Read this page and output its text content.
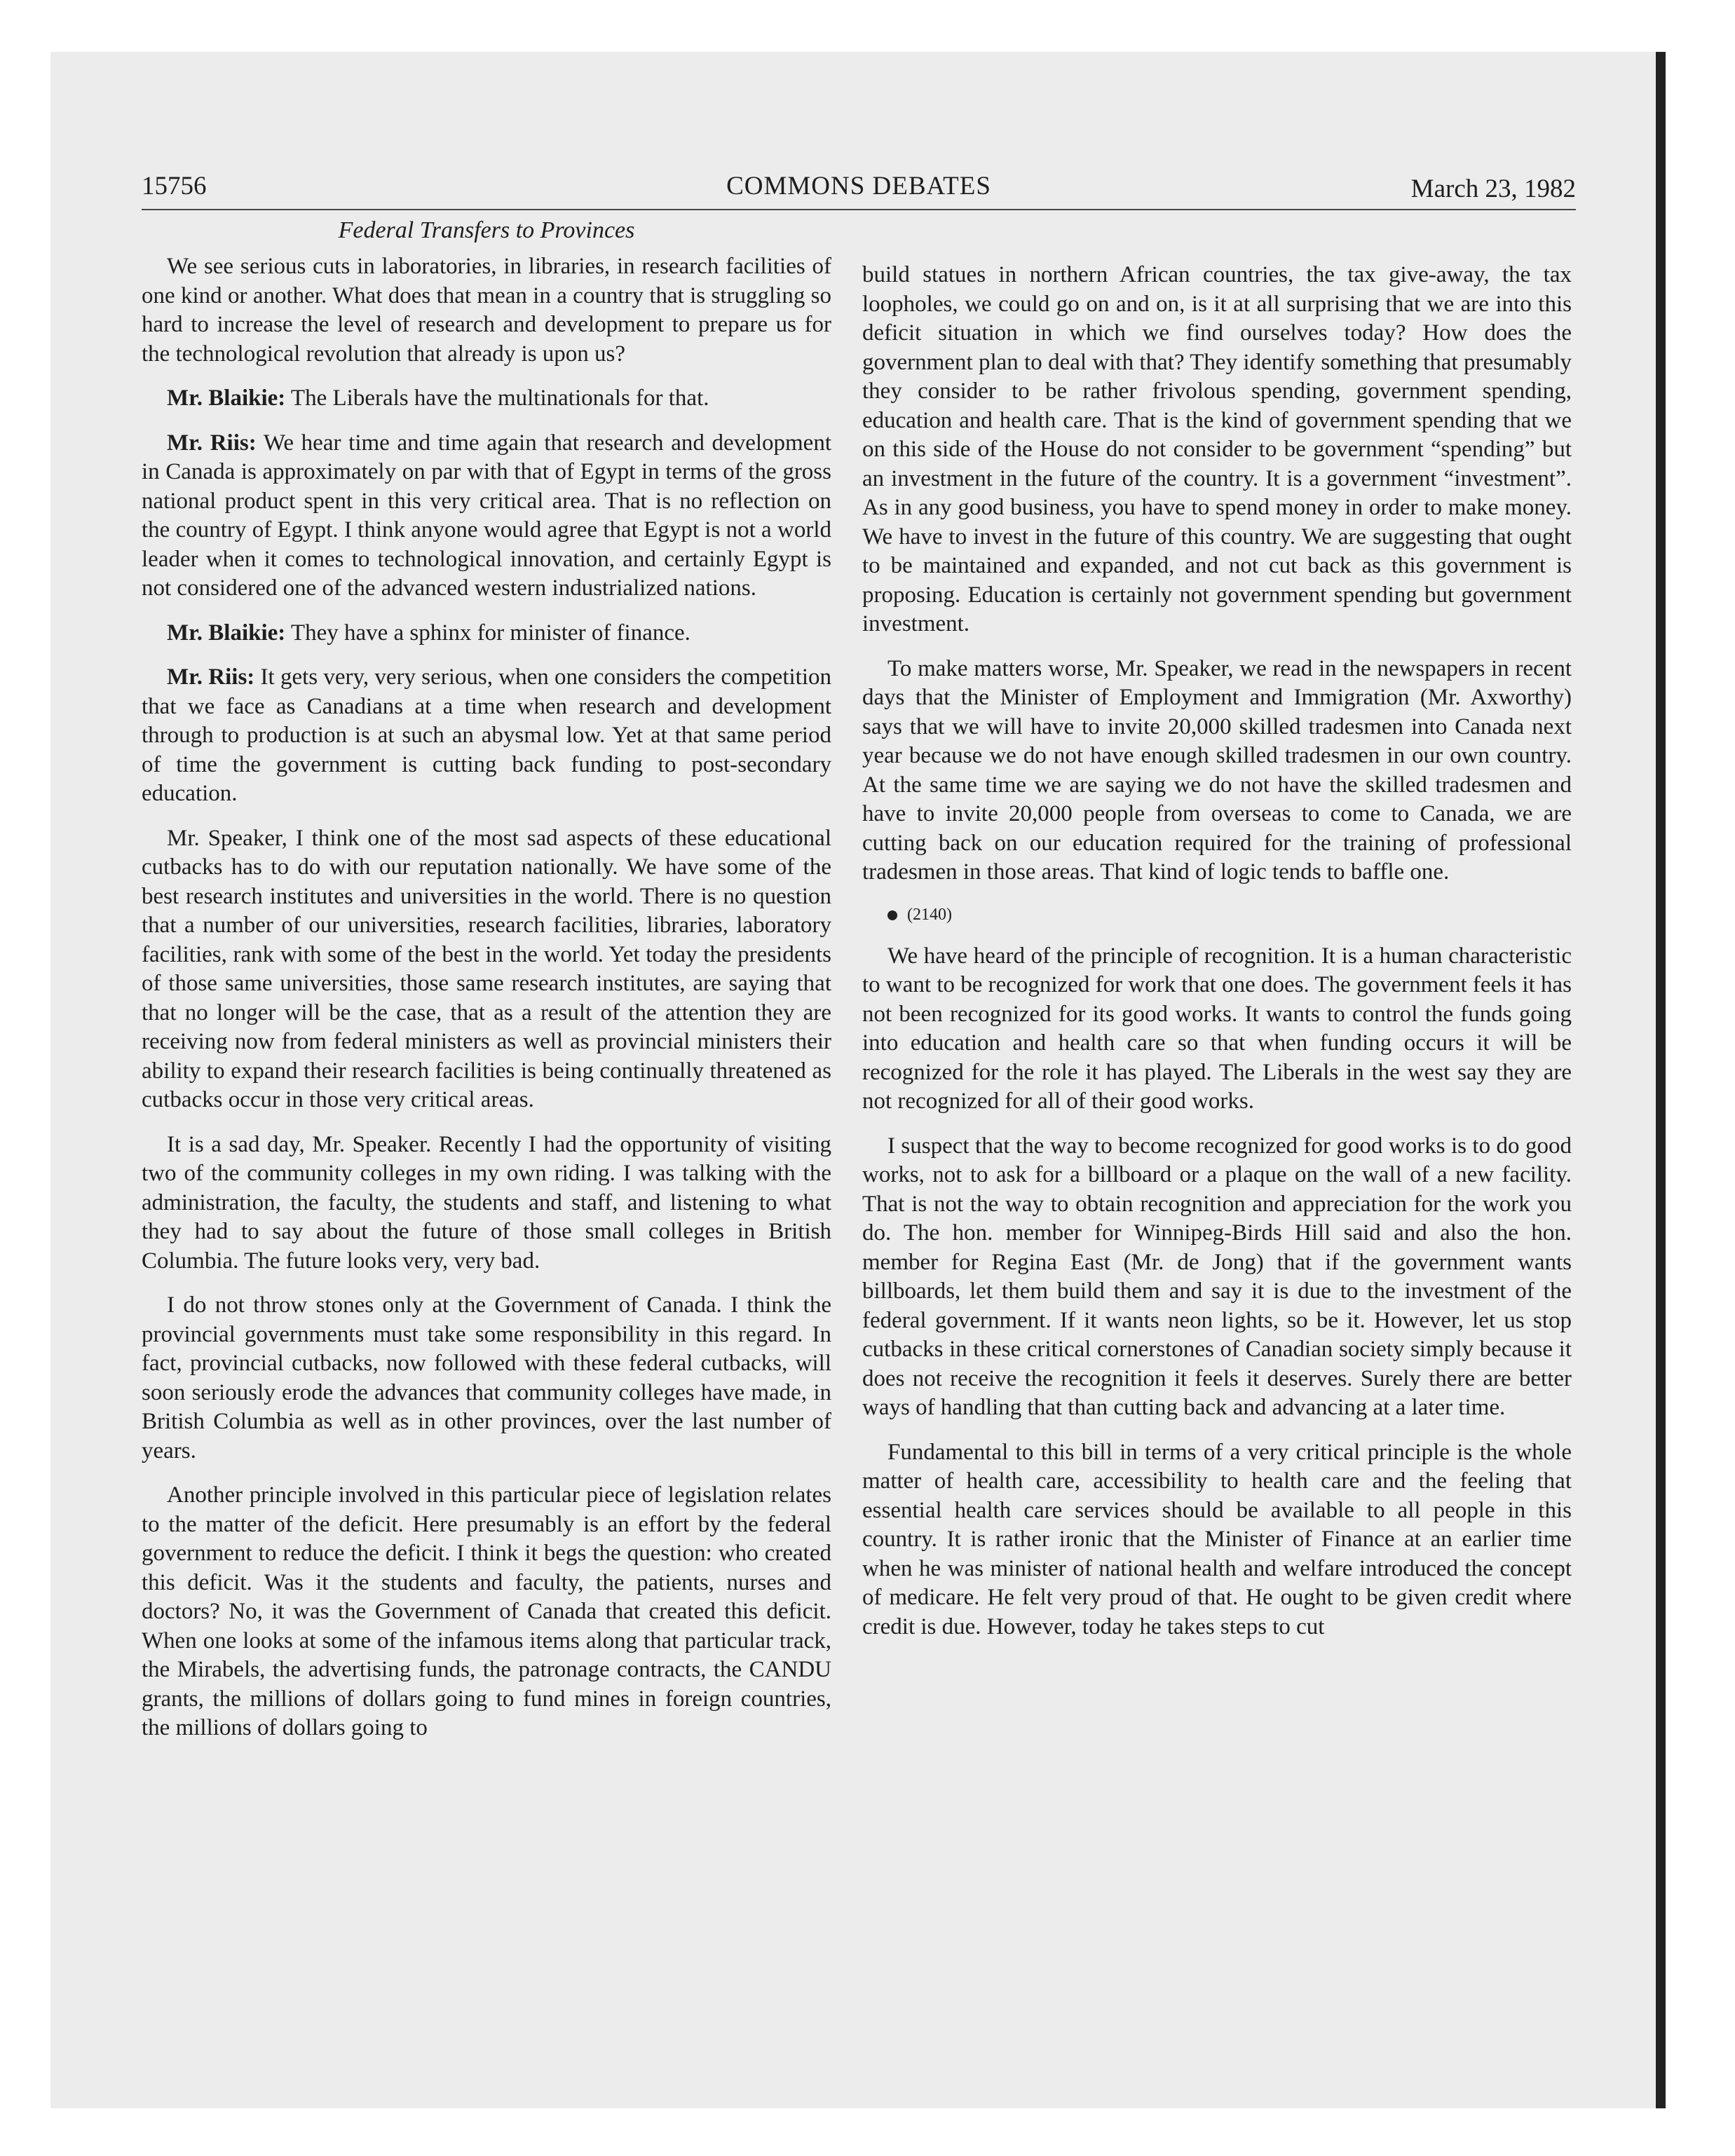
15756	COMMONS DEBATES	March 23, 1982
Federal Transfers to Provinces

We see serious cuts in laboratories, in libraries, in research facilities of one kind or another. What does that mean in a country that is struggling so hard to increase the level of research and development to prepare us for the technological revolution that already is upon us?

Mr. Blaikie: The Liberals have the multinationals for that.

Mr. Riis: We hear time and time again that research and development in Canada is approximately on par with that of Egypt in terms of the gross national product spent in this very critical area. That is no reflection on the country of Egypt. I think anyone would agree that Egypt is not a world leader when it comes to technological innovation, and certainly Egypt is not considered one of the advanced western industrialized nations.

Mr. Blaikie: They have a sphinx for minister of finance.

Mr. Riis: It gets very, very serious, when one considers the competition that we face as Canadians at a time when research and development through to production is at such an abysmal low. Yet at that same period of time the government is cutting back funding to post-secondary education.

Mr. Speaker, I think one of the most sad aspects of these educational cutbacks has to do with our reputation nationally. We have some of the best research institutes and universities in the world. There is no question that a number of our universities, research facilities, libraries, laboratory facilities, rank with some of the best in the world. Yet today the presidents of those same universities, those same research institutes, are saying that that no longer will be the case, that as a result of the attention they are receiving now from federal ministers as well as provincial ministers their ability to expand their research facilities is being continually threatened as cutbacks occur in those very critical areas.

It is a sad day, Mr. Speaker. Recently I had the opportunity of visiting two of the community colleges in my own riding. I was talking with the administration, the faculty, the students and staff, and listening to what they had to say about the future of those small colleges in British Columbia. The future looks very, very bad.

I do not throw stones only at the Government of Canada. I think the provincial governments must take some responsibility in this regard. In fact, provincial cutbacks, now followed with these federal cutbacks, will soon seriously erode the advances that community colleges have made, in British Columbia as well as in other provinces, over the last number of years.

Another principle involved in this particular piece of legislation relates to the matter of the deficit. Here presumably is an effort by the federal government to reduce the deficit. I think it begs the question: who created this deficit. Was it the students and faculty, the patients, nurses and doctors? No, it was the Government of Canada that created this deficit. When one looks at some of the infamous items along that particular track, the Mirabels, the advertising funds, the patronage contracts, the CANDU grants, the millions of dollars going to fund mines in foreign countries, the millions of dollars going to

build statues in northern African countries, the tax give-away, the tax loopholes, we could go on and on, is it at all surprising that we are into this deficit situation in which we find ourselves today? How does the government plan to deal with that? They identify something that presumably they consider to be rather frivolous spending, government spending, education and health care. That is the kind of government spending that we on this side of the House do not consider to be government “spending” but an investment in the future of the country. It is a government “investment”. As in any good business, you have to spend money in order to make money. We have to invest in the future of this country. We are suggesting that ought to be maintained and expanded, and not cut back as this government is proposing. Education is certainly not government spending but government investment.

To make matters worse, Mr. Speaker, we read in the newspapers in recent days that the Minister of Employment and Immigration (Mr. Axworthy) says that we will have to invite 20,000 skilled tradesmen into Canada next year because we do not have enough skilled tradesmen in our own country. At the same time we are saying we do not have the skilled tradesmen and have to invite 20,000 people from overseas to come to Canada, we are cutting back on our education required for the training of professional tradesmen in those areas. That kind of logic tends to baffle one.

(2140)

We have heard of the principle of recognition. It is a human characteristic to want to be recognized for work that one does. The government feels it has not been recognized for its good works. It wants to control the funds going into education and health care so that when funding occurs it will be recognized for the role it has played. The Liberals in the west say they are not recognized for all of their good works.

I suspect that the way to become recognized for good works is to do good works, not to ask for a billboard or a plaque on the wall of a new facility. That is not the way to obtain recognition and appreciation for the work you do. The hon. member for Winnipeg-Birds Hill said and also the hon. member for Regina East (Mr. de Jong) that if the government wants billboards, let them build them and say it is due to the investment of the federal government. If it wants neon lights, so be it. However, let us stop cutbacks in these critical cornerstones of Canadian society simply because it does not receive the recognition it feels it deserves. Surely there are better ways of handling that than cutting back and advancing at a later time.

Fundamental to this bill in terms of a very critical principle is the whole matter of health care, accessibility to health care and the feeling that essential health care services should be available to all people in this country. It is rather ironic that the Minister of Finance at an earlier time when he was minister of national health and welfare introduced the concept of medicare. He felt very proud of that. He ought to be given credit where credit is due. However, today he takes steps to cut
